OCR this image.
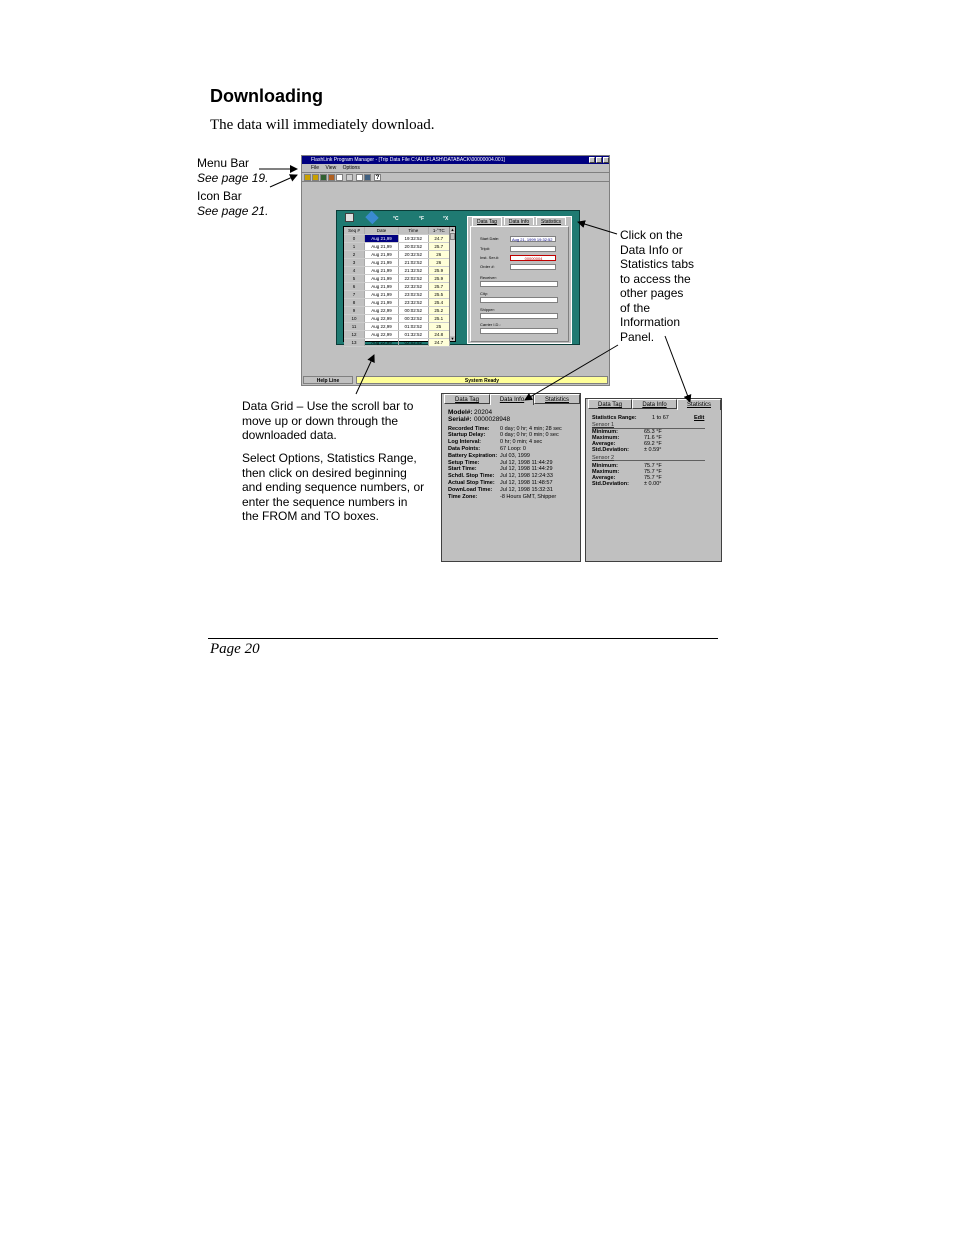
Downloading
The data will immediately download.
Menu Bar
See page 19.
Icon Bar
See page 21.
Click on the
Data Info or
Statistics tabs
to access the
other pages
of the
Information
Panel.
Data Grid – Use the scroll bar to
move up or down through the
downloaded data.
Select Options, Statistics Range,
then click on desired beginning
and ending sequence numbers, or
enter the sequence numbers in
the FROM and TO boxes.
FlashLink Program Manager - [Trip Data File C:\ALLFLASH\DATABACK\00000004.001]
File View Options
?
°C	°F	°X
Seq #	Date	Time	1-°TC
0	Aug 21,99	19:32:52	24.7
1	Aug 21,99	20:02:52	25.7
2	Aug 21,99	20:32:52	26
3	Aug 21,99	21:02:52	26
4	Aug 21,99	21:32:52	25.9
5	Aug 21,99	22:02:52	25.9
6	Aug 21,99	22:32:52	25.7
7	Aug 21,99	23:02:52	25.5
8	Aug 21,99	23:32:52	25.4
9	Aug 22,99	00:02:52	25.2
10	Aug 22,99	00:32:52	25.1
11	Aug 22,99	01:02:52	25
12	Aug 22,99	01:32:52	24.8
13	Aug 22,99	02:02:52	24.7
▲
▼
Data Tag	Data Info	Statistics
Start Date:	Aug 21, 1999 19:32:52
Trip#:
Inst. Ser.#:	00000004
Order #:
Receiver:
City:
Shipper:
Carrier I.D.:
Help Line	System Ready
Data Tag	Data Info	Statistics
Model#: 20204
Serial#: 0000028948
Recorded Time: 0 day; 0 hr; 4 min; 28 sec
Startup Delay:	0 day; 0 hr; 0 min; 0 sec
Log Interval:	0 hr; 0 min; 4 sec
Data Points:	67 Loop: 0
Battery Expiration: Jul 03, 1999
Setup Time:	Jul 12, 1998 11:44:29
Start Time:	Jul 12, 1998 11:44:29
Schdl. Stop Time: Jul 12, 1998 12:24:33
Actual Stop Time: Jul 12, 1998 11:48:57
DownLoad Time: Jul 12, 1998 15:32:31
Time Zone:	-8 Hours GMT, Shipper
Data Tag	Data Info	Statistics
Statistics Range:	1 to 67	Edit
Sensor 1
Minimum:	65.3 °F
Maximum:	71.6 °F
Average:	69.2 °F
Std.Deviation:	± 0.59°
Sensor 2
Minimum:	75.7 °F
Maximum:	75.7 °F
Average:	75.7 °F
Std.Deviation:	± 0.00°
Page 20
